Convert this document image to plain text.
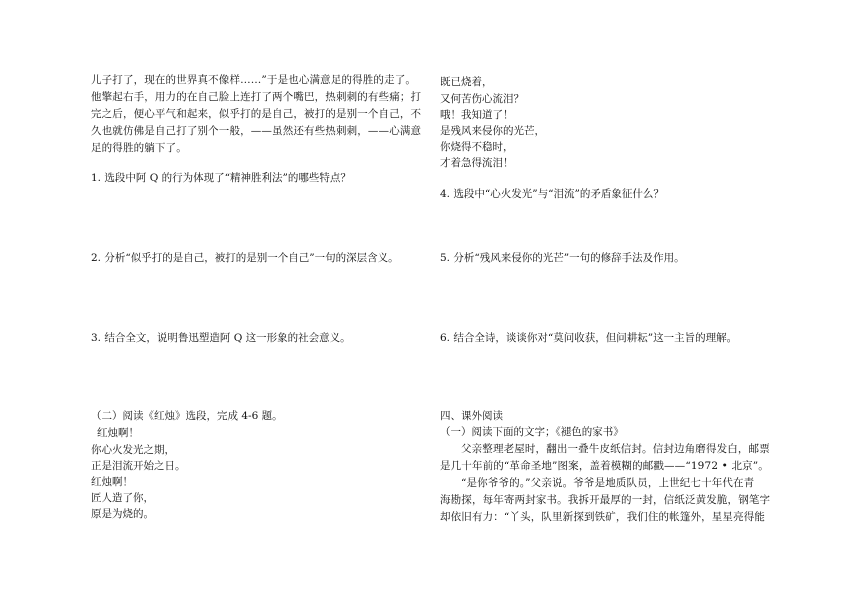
儿子打了，现在的世界真不像样……”于是也心满意足的得胜的走了。
他擎起右手，用力的在自己脸上连打了两个嘴巴，热刺刺的有些痛；打
完之后，便心平气和起来，似乎打的是自己，被打的是别一个自己，不
久也就仿佛是自己打了别个一般，——虽然还有些热刺刺，——心满意
足的得胜的躺下了。
1. 选段中阿 Q 的行为体现了“精神胜利法”的哪些特点？
2. 分析“似乎打的是自己，被打的是别一个自己”一句的深层含义。
3. 结合全文，说明鲁迅塑造阿 Q 这一形象的社会意义。
（二）阅读《红烛》选段，完成 4-6 题。
红烛啊！
你心火发光之期，
正是泪流开始之日。
红烛啊！
匠人造了你，
原是为烧的。
既已烧着，
又何苦伤心流泪？
哦！我知道了！
是残风来侵你的光芒，
你烧得不稳时，
才着急得流泪！
4. 选段中“心火发光”与“泪流”的矛盾象征什么？
5. 分析“残风来侵你的光芒”一句的修辞手法及作用。
6. 结合全诗，谈谈你对“莫问收获，但问耕耘”这一主旨的理解。
四、课外阅读
（一）阅读下面的文字；《褪色的家书》
父亲整理老屋时，翻出一叠牛皮纸信封。信封边角磨得发白，邮票
是几十年前的“革命圣地”图案，盖着模糊的邮戳——“1972 • 北京”。
“是你爷爷的。”父亲说。爷爷是地质队员，上世纪七十年代在青
海勘探，每年寄两封家书。我拆开最厚的一封，信纸泛黄发脆，钢笔字
却依旧有力：“丫头，队里新探到铁矿，我们住的帐篷外，星星亮得能
